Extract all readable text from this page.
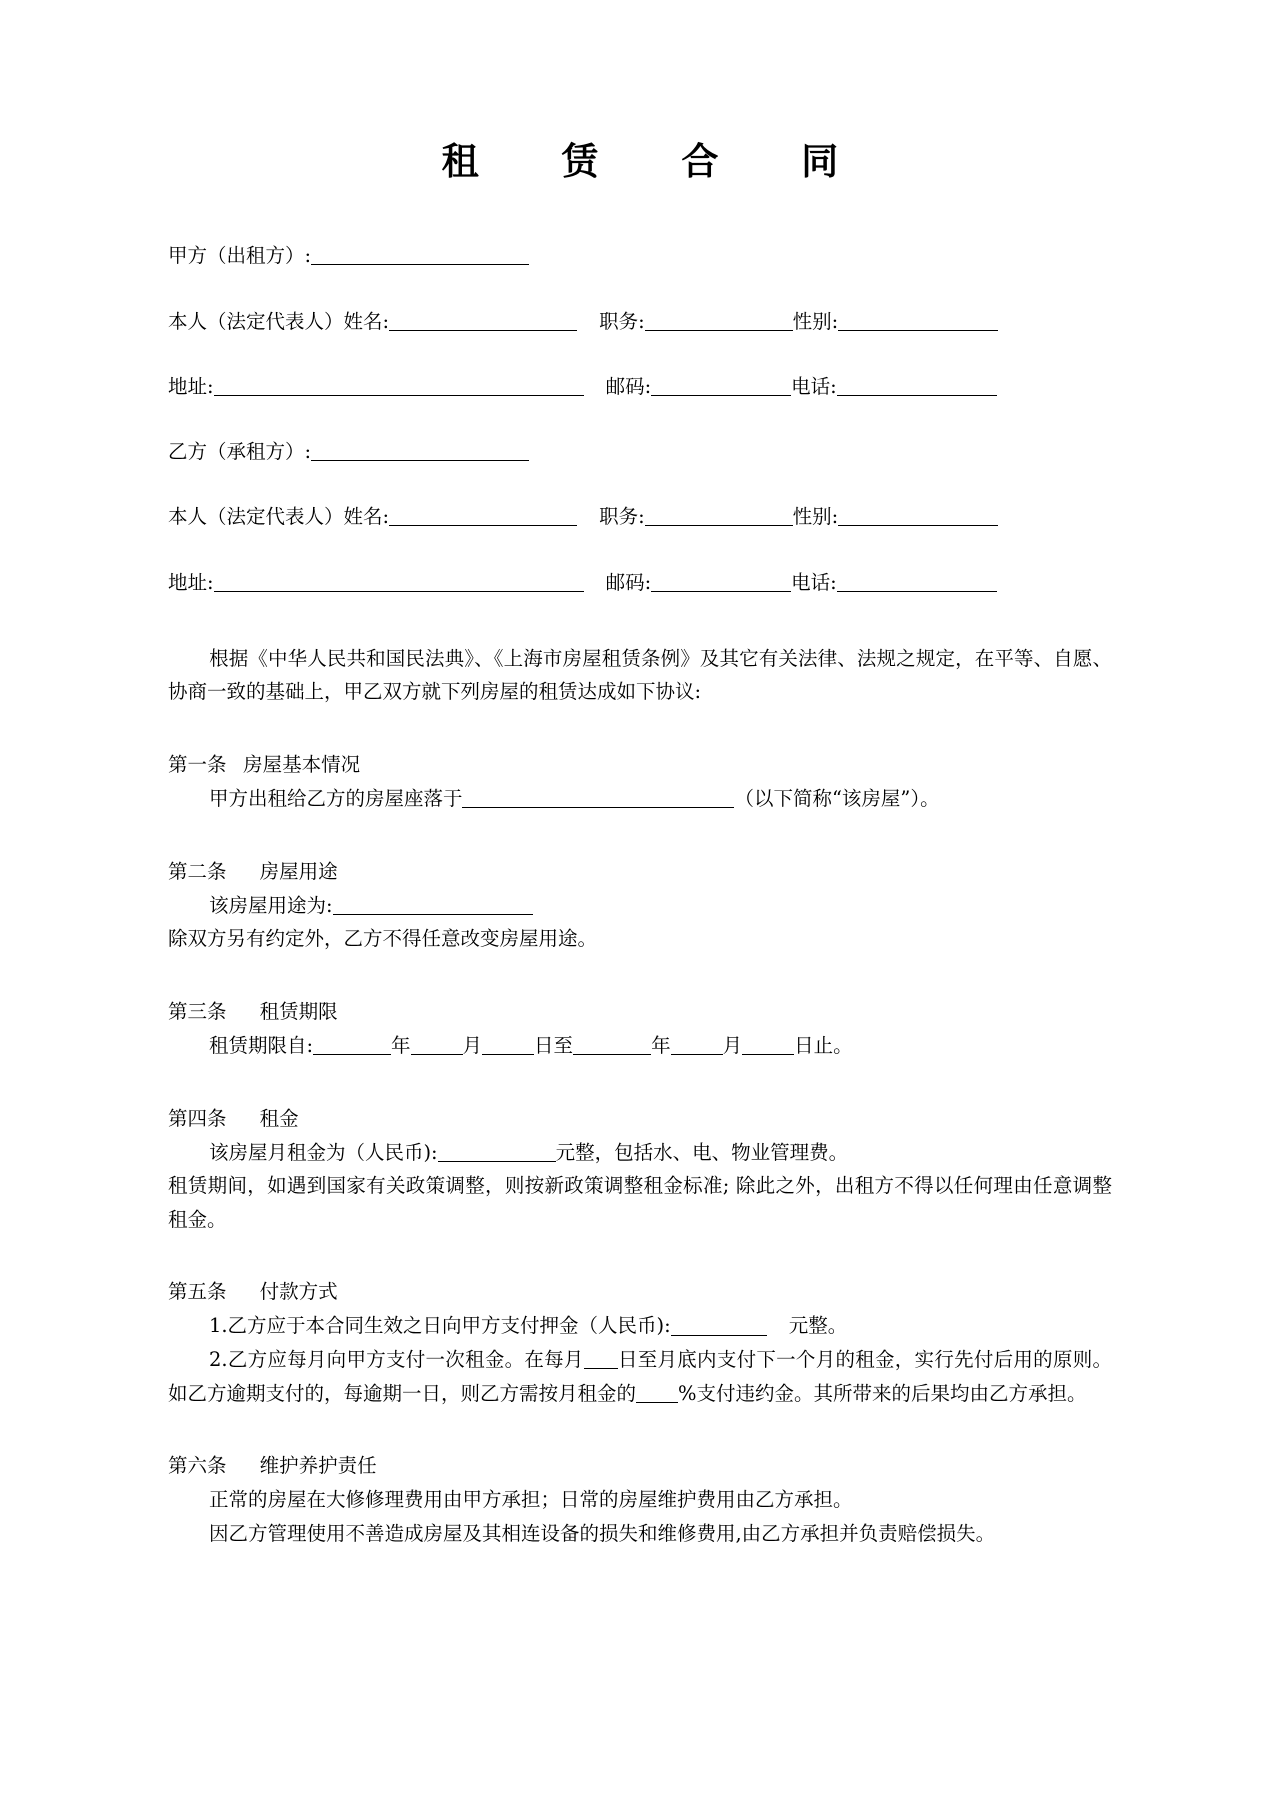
租　赁　合　同
甲方（出租方）:
本人（法定代表人）姓名:	职务:	性别:
地址:	邮码:	电话:
乙方（承租方）:
本人（法定代表人）姓名:	职务:	性别:
地址:	邮码:	电话:

根据《中华人民共和国民法典》、《上海市房屋租赁条例》及其它有关法律、法规之规定，在平等、自愿、协商一致的基础上，甲乙双方就下列房屋的租赁达成如下协议:

第一条 房屋基本情况

甲方出租给乙方的房屋座落于	（以下简称“该房屋”）。

第二条 房屋用途

该房屋用途为:

除双方另有约定外，乙方不得任意改变房屋用途。

第三条 租赁期限

租赁期限自:	年	月	日至	年	月	日止。

第四条 租金

该房屋月租金为（人民币):	元整，包括水、电、物业管理费。

租赁期间，如遇到国家有关政策调整，则按新政策调整租金标准; 除此之外，出租方不得以任何理由任意调整租金。

第五条 付款方式

1.乙方应于本合同生效之日向甲方支付押金（人民币):	元整。

2.乙方应每月向甲方支付一次租金。在每月 日至月底内支付下一个月的租金，实行先付后用的原则。如乙方逾期支付的，每逾期一日，则乙方需按月租金的 %支付违约金。其所带来的后果均由乙方承担。

第六条 维护养护责任

正常的房屋在大修修理费用由甲方承担；日常的房屋维护费用由乙方承担。

因乙方管理使用不善造成房屋及其相连设备的损失和维修费用,由乙方承担并负责赔偿损失。
